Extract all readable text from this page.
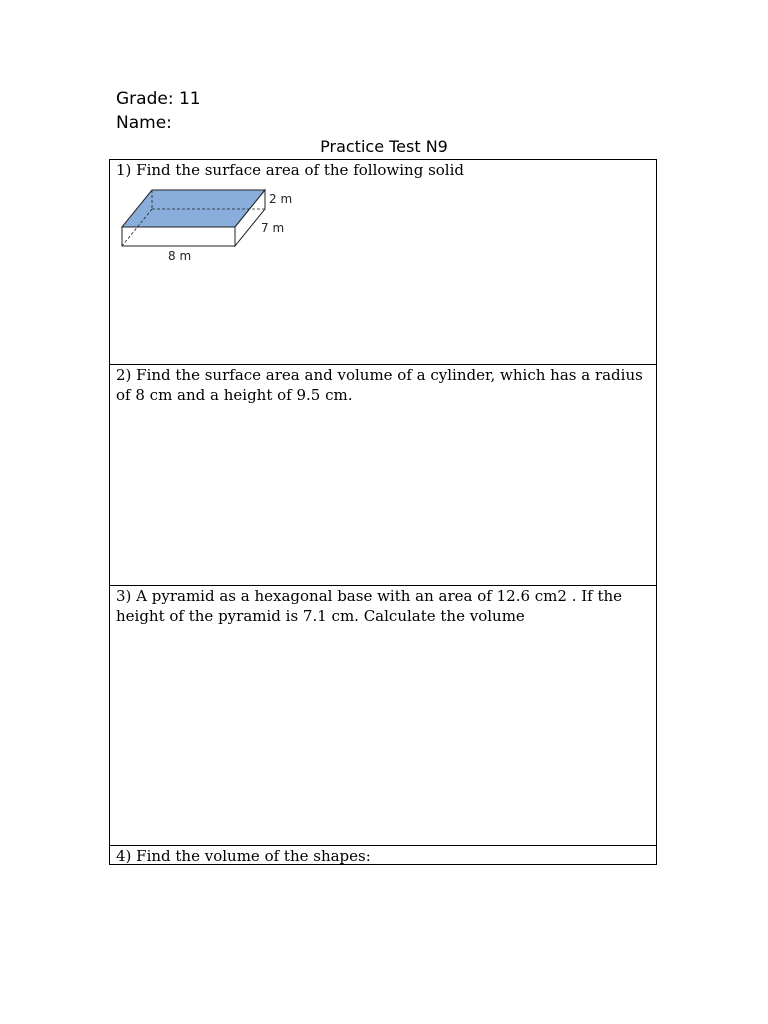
Grade: 11

Name:

Practice Test N9

1) Find the surface area of the following solid

2 m
7 m
8 m

2) Find the surface area and volume of a cylinder, which has a radius of 8 cm and a height of 9.5 cm.

3) A pyramid as a hexagonal base with an area of 12.6 cm2 . If the height of the pyramid is 7.1 cm. Calculate the volume

4) Find the volume of the shapes:
